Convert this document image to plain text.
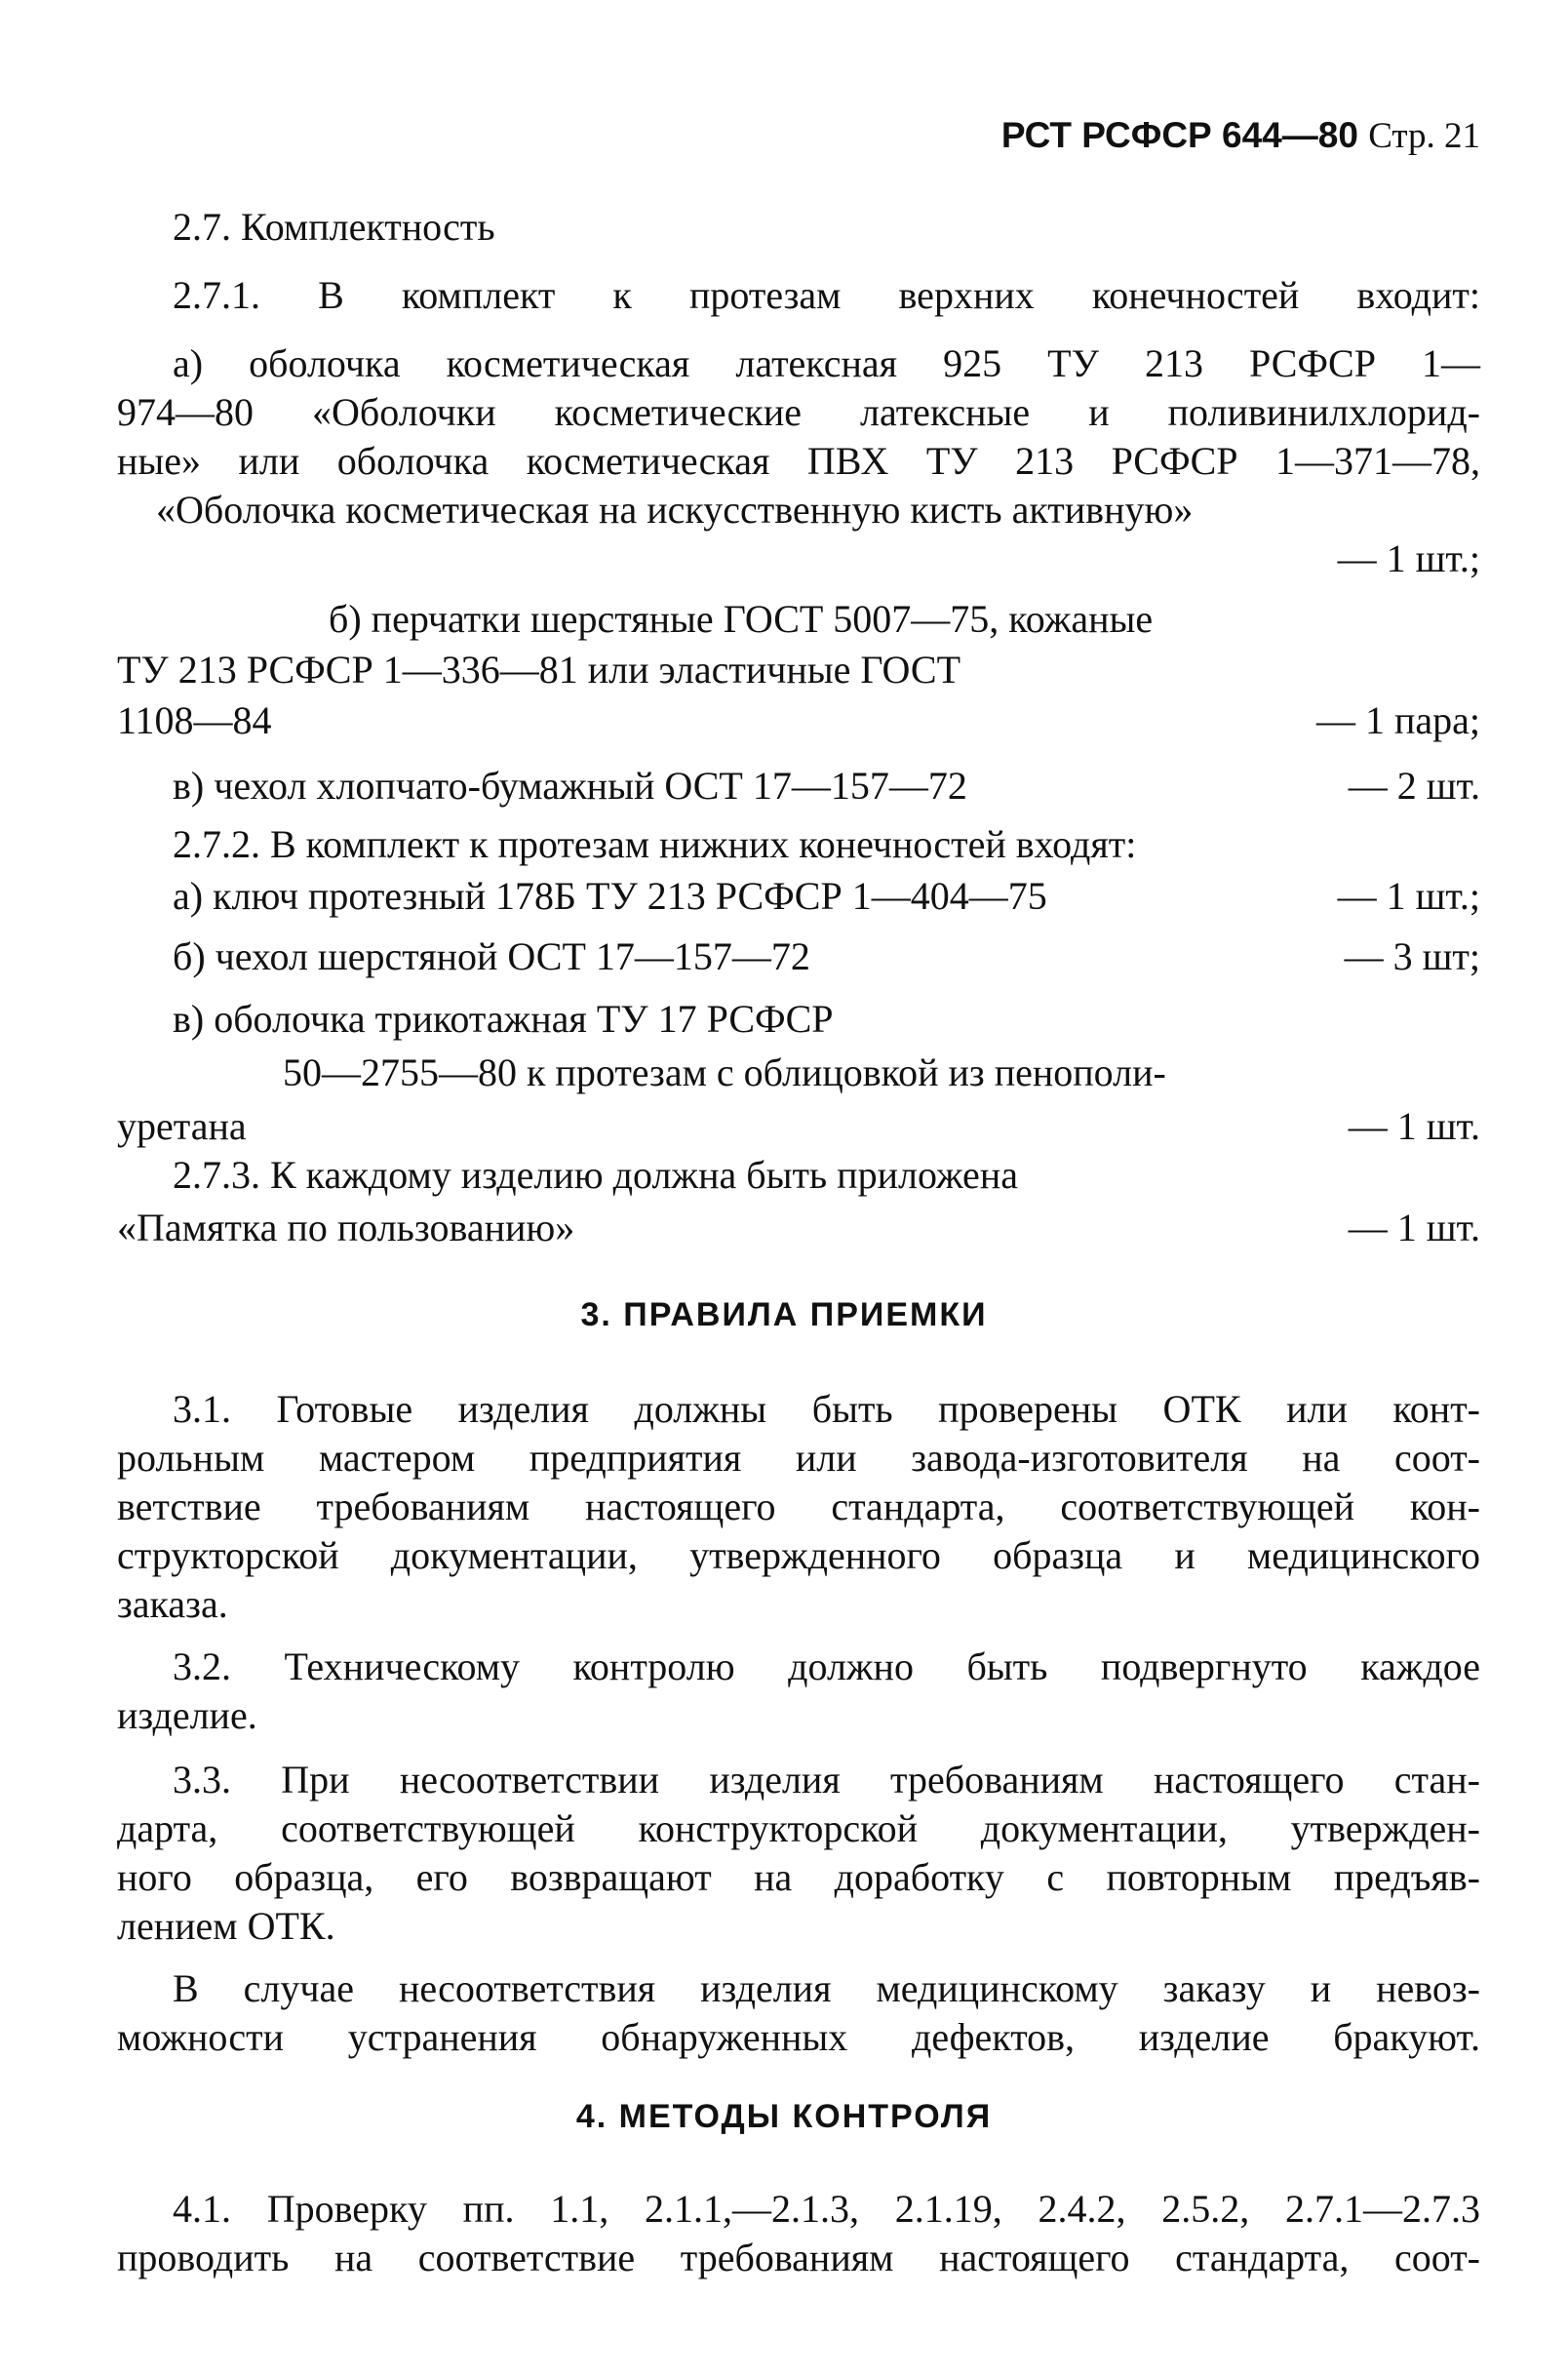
РСТ РСФСР 644—80 Стр. 21
2.7. Комплектность
2.7.1. В комплект к протезам верхних конечностей входит:
а) оболочка косметическая латексная 925 ТУ 213 РСФСР 1—
974—80 «Оболочки косметические латексные и поливинилхлорид-
ные» или оболочка косметическая ПВХ ТУ 213 РСФСР 1—371—78,
«Оболочка косметическая на искусственную кисть активную»
— 1 шт.;
б) перчатки шерстяные ГОСТ 5007—75, кожаные
ТУ 213 РСФСР 1—336—81 или эластичные ГОСТ
1108—84	— 1 пара;
в) чехол хлопчато-бумажный ОСТ 17—157—72	— 2 шт.
2.7.2. В комплект к протезам нижних конечностей входят:
а) ключ протезный 178Б ТУ 213 РСФСР 1—404—75	— 1 шт.;
б) чехол шерстяной ОСТ 17—157—72	— 3 шт;
в) оболочка трикотажная ТУ 17 РСФСР
50—2755—80 к протезам с облицовкой из пенополи-
уретана	— 1 шт.
2.7.3. К каждому изделию должна быть приложена
«Памятка по пользованию»	— 1 шт.
3. ПРАВИЛА ПРИЕМКИ
3.1. Готовые изделия должны быть проверены ОТК или конт-
рольным мастером предприятия или завода-изготовителя на соот-
ветствие требованиям настоящего стандарта, соответствующей кон-
структорской документации, утвержденного образца и медицинского
заказа.
3.2. Техническому контролю должно быть подвергнуто каждое
изделие.
3.3. При несоответствии изделия требованиям настоящего стан-
дарта, соответствующей конструкторской документации, утвержден-
ного образца, его возвращают на доработку с повторным предъяв-
лением ОТК.
В случае несоответствия изделия медицинскому заказу и невоз-
можности устранения обнаруженных дефектов, изделие бракуют.
4. МЕТОДЫ КОНТРОЛЯ
4.1. Проверку пп. 1.1, 2.1.1,—2.1.3, 2.1.19, 2.4.2, 2.5.2, 2.7.1—2.7.3
проводить на соответствие требованиям настоящего стандарта, соот-
